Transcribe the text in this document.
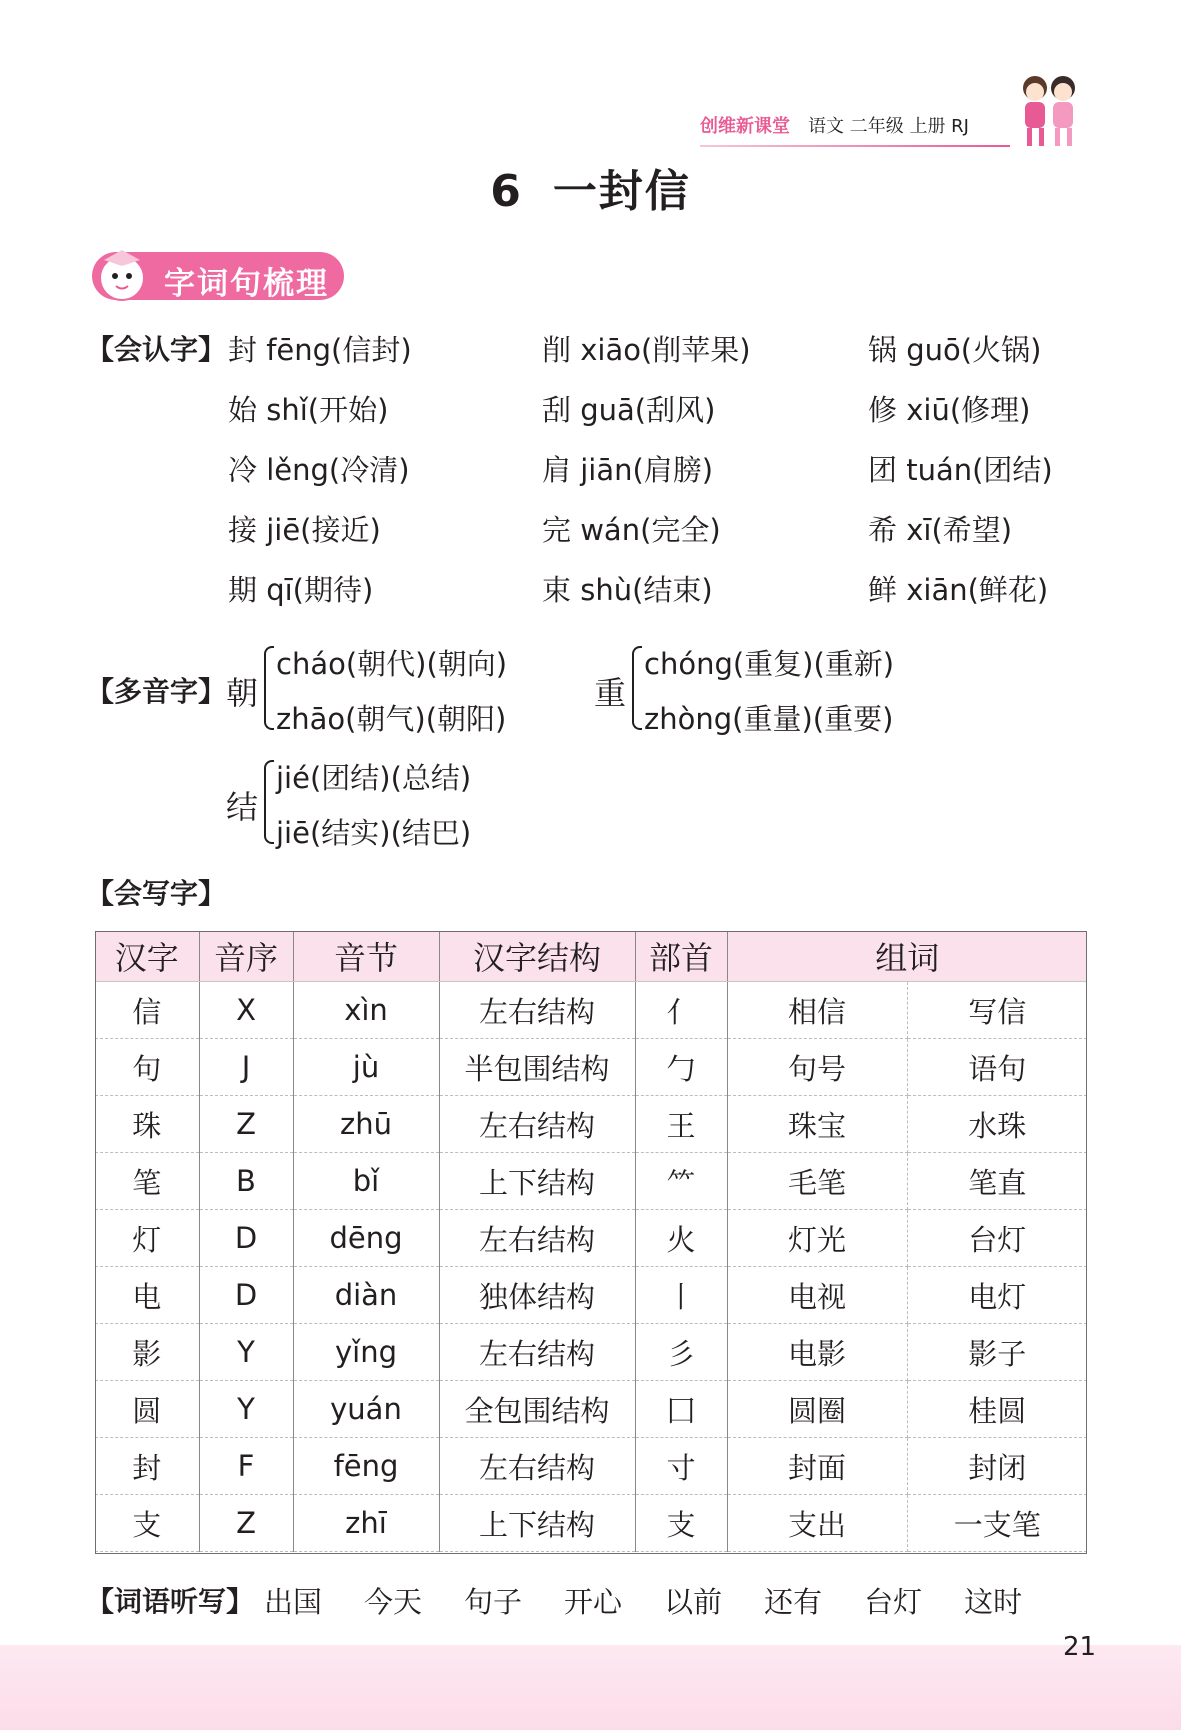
创维新课堂 语文 二年级 上册 RJ
6 一封信
字词句梳理
【会认字】 封 fēng(信封)	削 xiāo(削苹果)	锅 guō(火锅)
始 shǐ(开始)	刮 guā(刮风)	修 xiū(修理)
冷 lěng(冷清)	肩 jiān(肩膀)	团 tuán(团结)
接 jiē(接近)	完 wán(完全)	希 xī(希望)
期 qī(期待)	束 shù(结束)	鲜 xiān(鲜花)
【多音字】 朝
cháo(朝代)(朝向)
zhāo(朝气)(朝阳)
重
chóng(重复)(重新)
zhòng(重量)(重要)
结
jié(团结)(总结)
jiē(结实)(结巴)
【会写字】
汉字	音序	音节	汉字结构	部首	组词	
信	X	xìn	左右结构	亻	相信	写信
句	J	jù	半包围结构	勹	句号	语句
珠	Z	zhū	左右结构	王	珠宝	水珠
笔	B	bǐ	上下结构	⺮	毛笔	笔直
灯	D	dēng	左右结构	火	灯光	台灯
电	D	diàn	独体结构	丨	电视	电灯
影	Y	yǐng	左右结构	彡	电影	影子
圆	Y	yuán	全包围结构	囗	圆圈	桂圆
封	F	fēng	左右结构	寸	封面	封闭
支	Z	zhī	上下结构	支	支出	一支笔
【词语听写】 出国 今天 句子 开心 以前 还有 台灯 这时
21
